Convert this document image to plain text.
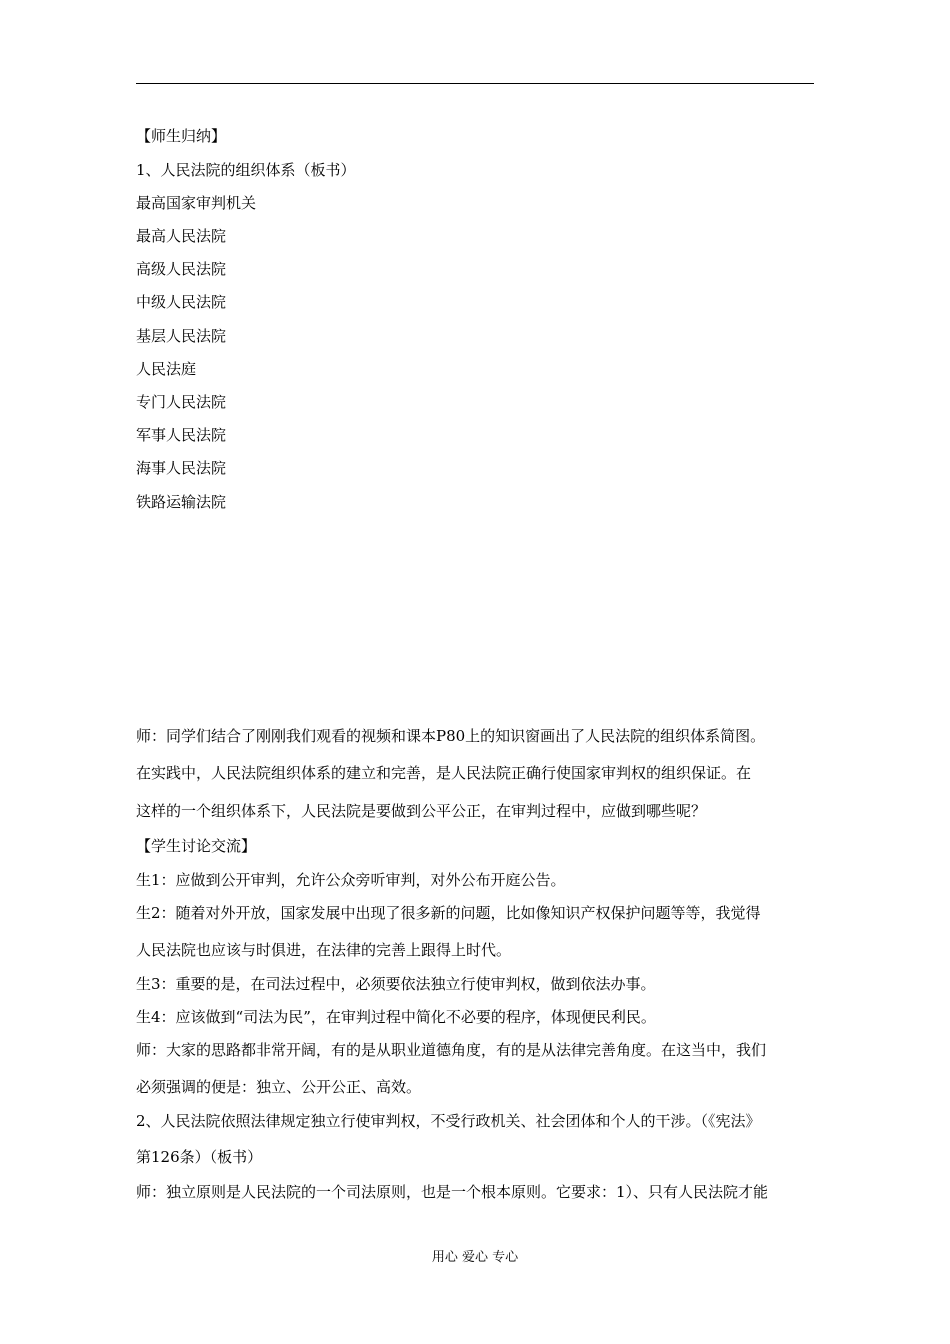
【师生归纳】
1、人民法院的组织体系（板书）
最高国家审判机关
最高人民法院
高级人民法院
中级人民法院
基层人民法院
人民法庭
专门人民法院
军事人民法院
海事人民法院
铁路运输法院
师：同学们结合了刚刚我们观看的视频和课本P80上的知识窗画出了人民法院的组织体系简图。
在实践中，人民法院组织体系的建立和完善，是人民法院正确行使国家审判权的组织保证。在
这样的一个组织体系下，人民法院是要做到公平公正，在审判过程中，应做到哪些呢？
【学生讨论交流】
生1：应做到公开审判，允许公众旁听审判，对外公布开庭公告。
生2：随着对外开放，国家发展中出现了很多新的问题，比如像知识产权保护问题等等，我觉得
人民法院也应该与时俱进，在法律的完善上跟得上时代。
生3：重要的是，在司法过程中，必须要依法独立行使审判权，做到依法办事。
生4：应该做到“司法为民”，在审判过程中简化不必要的程序，体现便民利民。
师：大家的思路都非常开阔，有的是从职业道德角度，有的是从法律完善角度。在这当中，我们
必须强调的便是：独立、公开公正、高效。
2、人民法院依照法律规定独立行使审判权，不受行政机关、社会团体和个人的干涉。（《宪法》
第126条）（板书）
师：独立原则是人民法院的一个司法原则，也是一个根本原则。它要求：1）、只有人民法院才能
用心 爱心 专心
